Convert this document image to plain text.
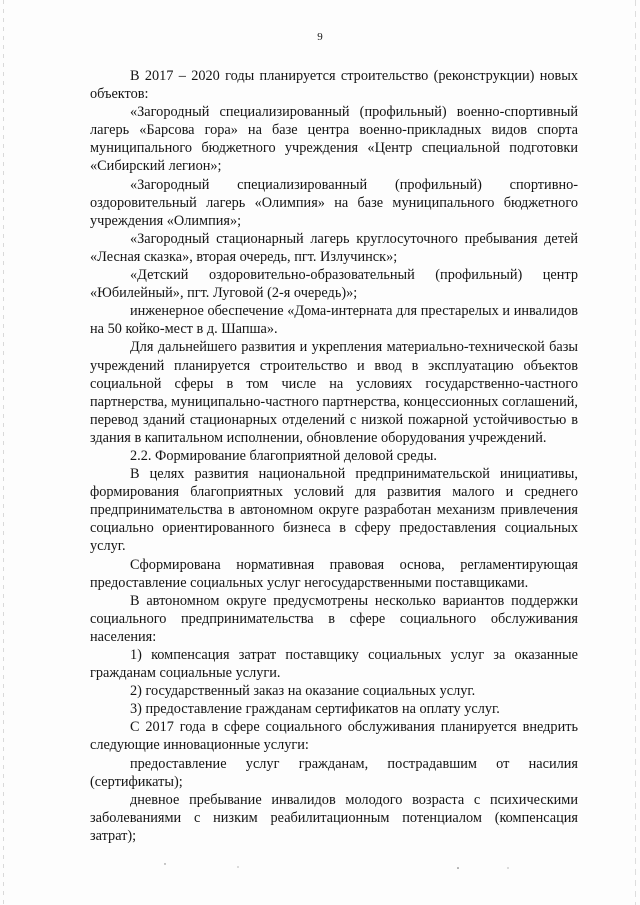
9

В 2017 – 2020 годы планируется строительство (реконструкции) новых объектов:

«Загородный специализированный (профильный) военно-спортивный лагерь «Барсова гора» на базе центра военно-прикладных видов спорта муниципального бюджетного учреждения «Центр специальной подготовки «Сибирский легион»;

«Загородный специализированный (профильный) спортивно-оздоровительный лагерь «Олимпия» на базе муниципального бюджетного учреждения «Олимпия»;

«Загородный стационарный лагерь круглосуточного пребывания детей «Лесная сказка», вторая очередь, пгт. Излучинск»;

«Детский оздоровительно-образовательный (профильный) центр «Юбилейный», пгт. Луговой (2-я очередь)»;

инженерное обеспечение «Дома-интерната для престарелых и инвалидов на 50 койко-мест в д. Шапша».

Для дальнейшего развития и укрепления материально-технической базы учреждений планируется строительство и ввод в эксплуатацию объектов социальной сферы в том числе на условиях государственно-частного партнерства, муниципально-частного партнерства, концессионных соглашений, перевод зданий стационарных отделений с низкой пожарной устойчивостью в здания в капитальном исполнении, обновление оборудования учреждений.

2.2. Формирование благоприятной деловой среды.

В целях развития национальной предпринимательской инициативы, формирования благоприятных условий для развития малого и среднего предпринимательства в автономном округе разработан механизм привлечения социально ориентированного бизнеса в сферу предоставления социальных услуг.

Сформирована нормативная правовая основа, регламентирующая предоставление социальных услуг негосударственными поставщиками.

В автономном округе предусмотрены несколько вариантов поддержки социального предпринимательства в сфере социального обслуживания населения:

1) компенсация затрат поставщику социальных услуг за оказанные гражданам социальные услуги.

2) государственный заказ на оказание социальных услуг.

3) предоставление гражданам сертификатов на оплату услуг.

С 2017 года в сфере социального обслуживания планируется внедрить следующие инновационные услуги:

предоставление услуг гражданам, пострадавшим от насилия (сертификаты);

дневное пребывание инвалидов молодого возраста с психическими заболеваниями с низким реабилитационным потенциалом (компенсация затрат);
